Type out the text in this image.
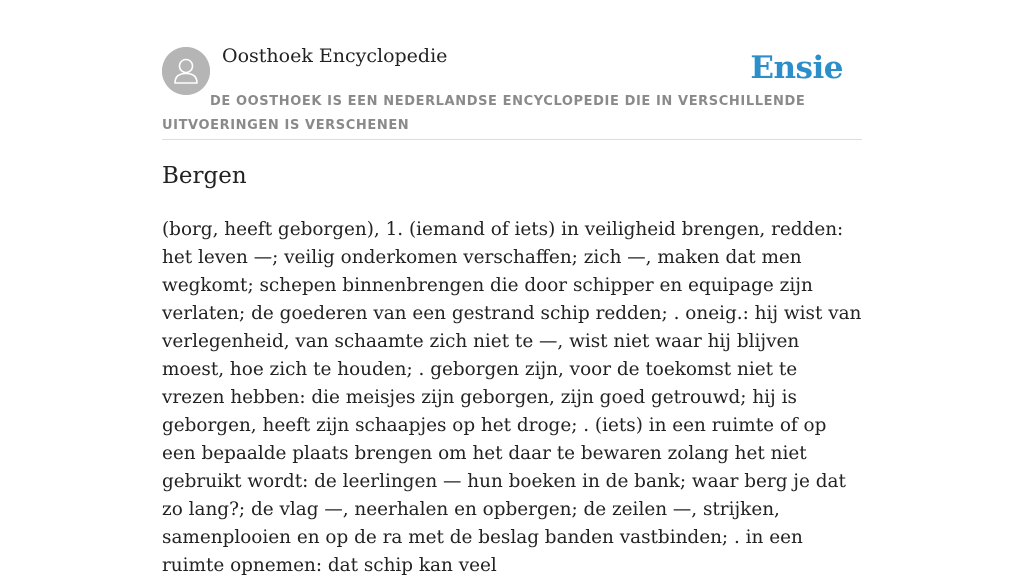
Oosthoek Encyclopedie	Ensie
DE OOSTHOEK IS EEN NEDERLANDSE ENCYCLOPEDIE DIE IN VERSCHILLENDE UITVOERINGEN IS VERSCHENEN
Bergen

(borg, heeft geborgen), 1. (iemand of iets) in veiligheid brengen, redden: het leven —; veilig onderkomen verschaffen; zich —, maken dat men wegkomt; schepen binnenbrengen die door schipper en equipage zijn verlaten; de goederen van een gestrand schip redden; . oneig.: hij wist van verlegenheid, van schaamte zich niet te —, wist niet waar hij blijven moest, hoe zich te houden; . geborgen zijn, voor de toekomst niet te vrezen hebben: die meisjes zijn geborgen, zijn goed getrouwd; hij is geborgen, heeft zijn schaapjes op het droge; . (iets) in een ruimte of op een bepaalde plaats brengen om het daar te bewaren zolang het niet gebruikt wordt: de leerlingen — hun boeken in de bank; waar berg je dat zo lang?; de vlag —, neerhalen en opbergen; de zeilen —, strijken, samenplooien en op de ra met de beslag banden vastbinden; . in een ruimte opnemen: dat schip kan veel
